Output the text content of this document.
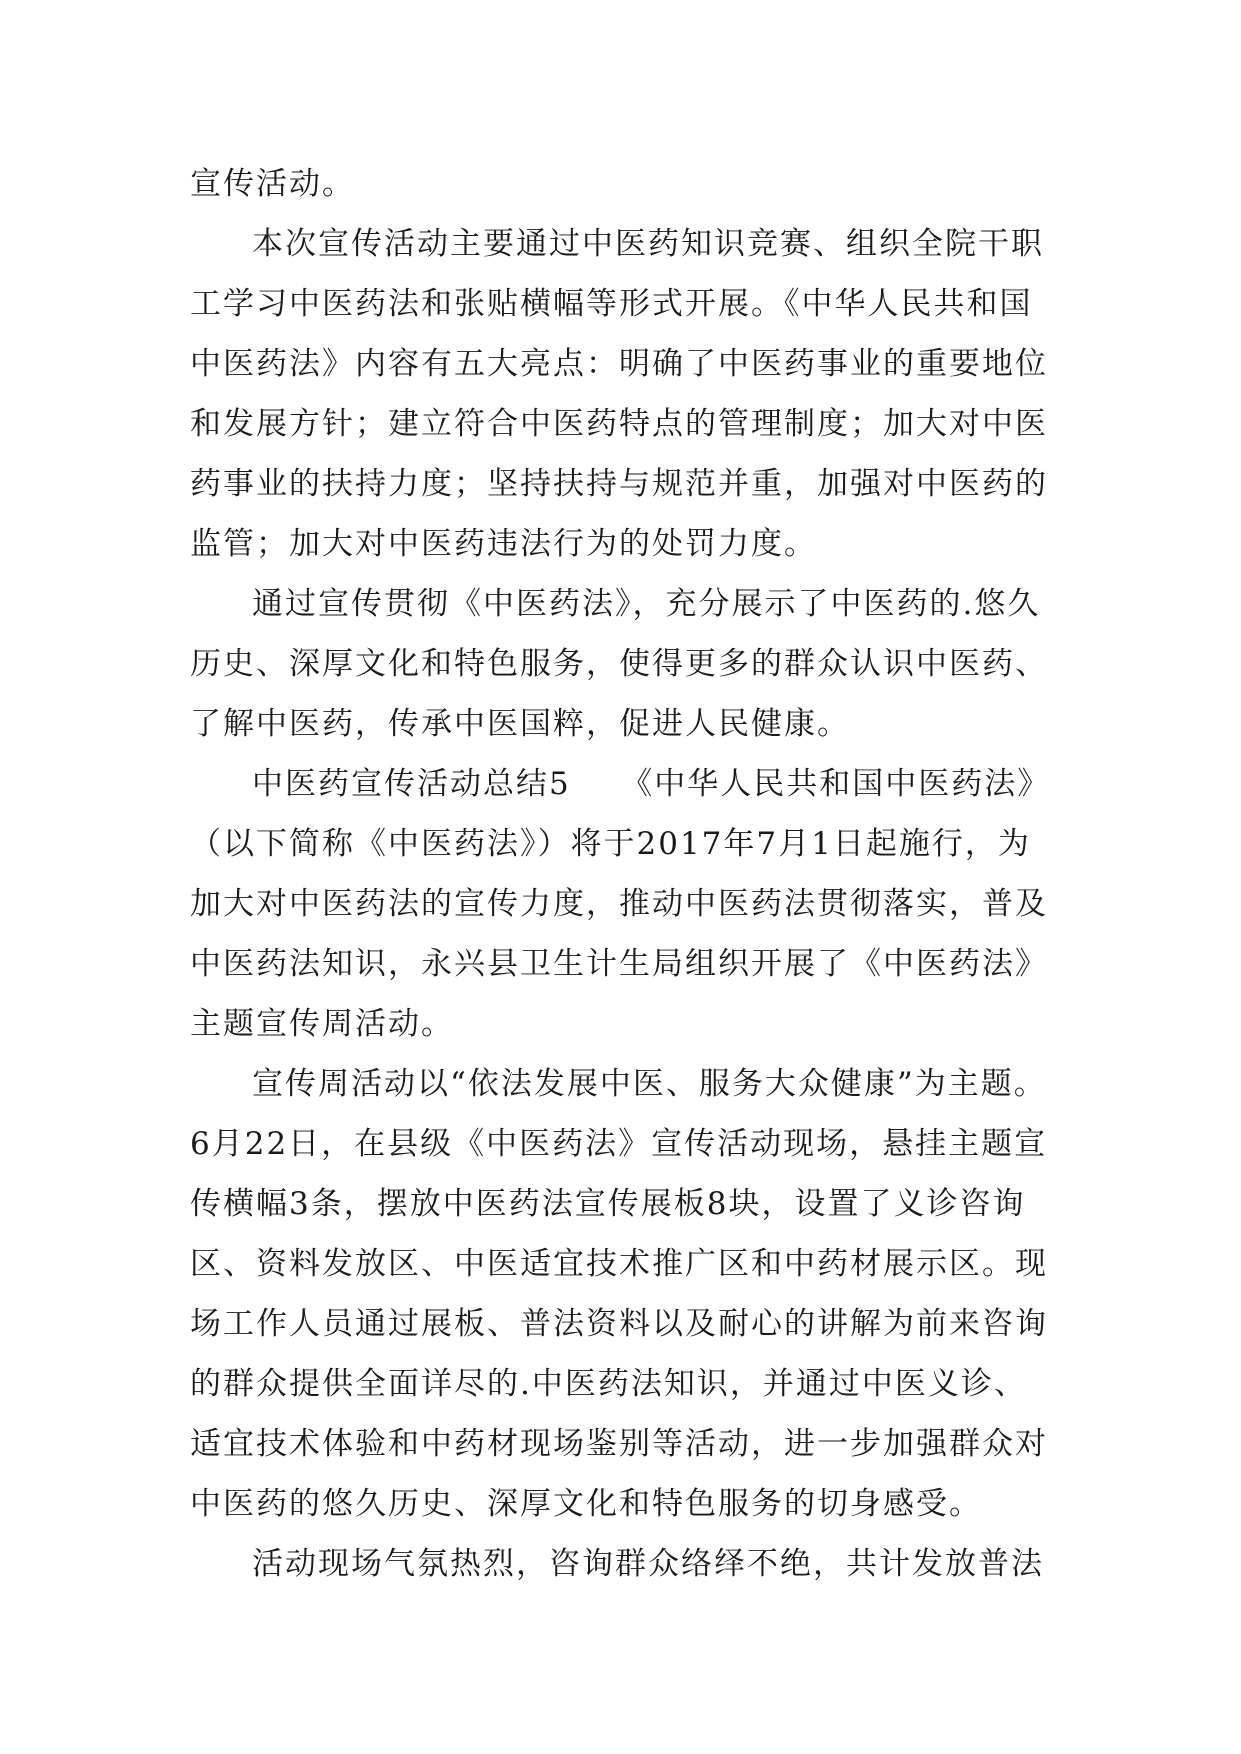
宣传活动。
本次宣传活动主要通过中医药知识竞赛、组织全院干职
工学习中医药法和张贴横幅等形式开展。《中华人民共和国
中医药法》内容有五大亮点：明确了中医药事业的重要地位
和发展方针；建立符合中医药特点的管理制度；加大对中医
药事业的扶持力度；坚持扶持与规范并重，加强对中医药的
监管；加大对中医药违法行为的处罚力度。
通过宣传贯彻《中医药法》，充分展示了中医药的.悠久
历史、深厚文化和特色服务，使得更多的群众认识中医药、
了解中医药，传承中医国粹，促进人民健康。
中医药宣传活动总结5　　《中华人民共和国中医药法》
（以下简称《中医药法》）将于2017年7月1日起施行，为
加大对中医药法的宣传力度，推动中医药法贯彻落实，普及
中医药法知识，永兴县卫生计生局组织开展了《中医药法》
主题宣传周活动。
宣传周活动以“依法发展中医、服务大众健康”为主题。
6月22日，在县级《中医药法》宣传活动现场，悬挂主题宣
传横幅3条，摆放中医药法宣传展板8块，设置了义诊咨询
区、资料发放区、中医适宜技术推广区和中药材展示区。现
场工作人员通过展板、普法资料以及耐心的讲解为前来咨询
的群众提供全面详尽的.中医药法知识，并通过中医义诊、
适宜技术体验和中药材现场鉴别等活动，进一步加强群众对
中医药的悠久历史、深厚文化和特色服务的切身感受。
活动现场气氛热烈，咨询群众络绎不绝，共计发放普法
